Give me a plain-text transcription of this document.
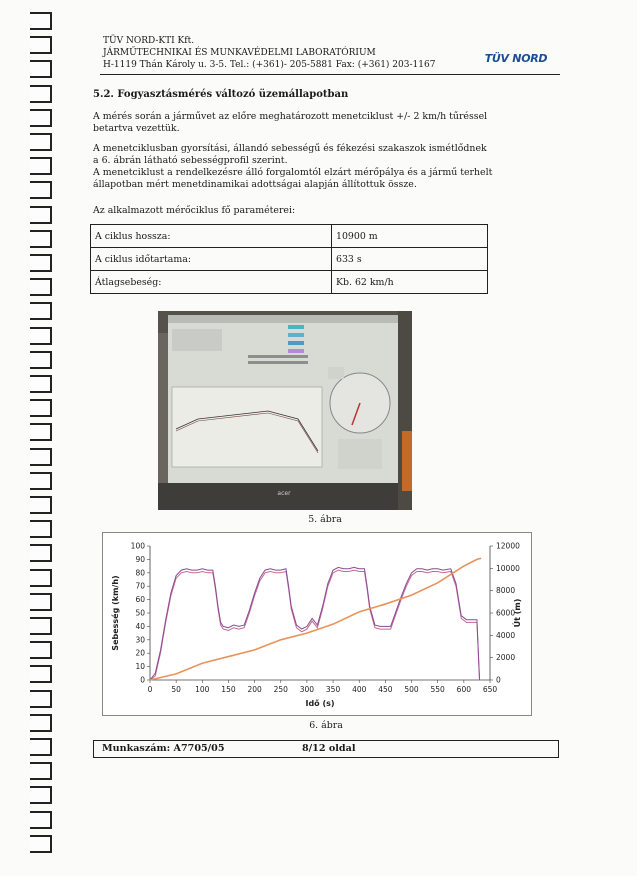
TÜV NORD-KTI Kft.
JÁRMŰTECHNIKAI ÉS MUNKAVÉDELMI LABORATÓRIUM
H-1119 Thán Károly u. 3-5. Tel.: (+361)- 205-5881 Fax: (+361) 203-1167	TÜV NORD
5.2. Fogyasztásmérés változó üzemállapotban
A mérés során a járművet az előre meghatározott menetciklust +/- 2 km/h tűréssel betartva vezettük.
A menetciklusban gyorsítási, állandó sebességű és fékezési szakaszok ismétlődnek a 6. ábrán látható sebességprofil szerint.
A menetciklust a rendelkezésre álló forgalomtól elzárt mérőpálya és a jármű terhelt állapotban mért menetdinamikai adottságai alapján állítottuk össze.
Az alkalmazott mérőciklus fő paraméterei:
A ciklus hossza:	10900 m
A ciklus időtartama:	633 s
Átlagsebeség:	Kb. 62 km/h
acer
5. ábra
0	50 100 150 200 250 300 350 400 450 500 550 600 650
0
10
20
30
40
50
60
70
80
90
100
0
2000
4000
6000
8000
10000
12000
Idő (s)
Sebesség (km/h)	Út (m)
6. ábra
Munkaszám: A7705/05	8/12 oldal
